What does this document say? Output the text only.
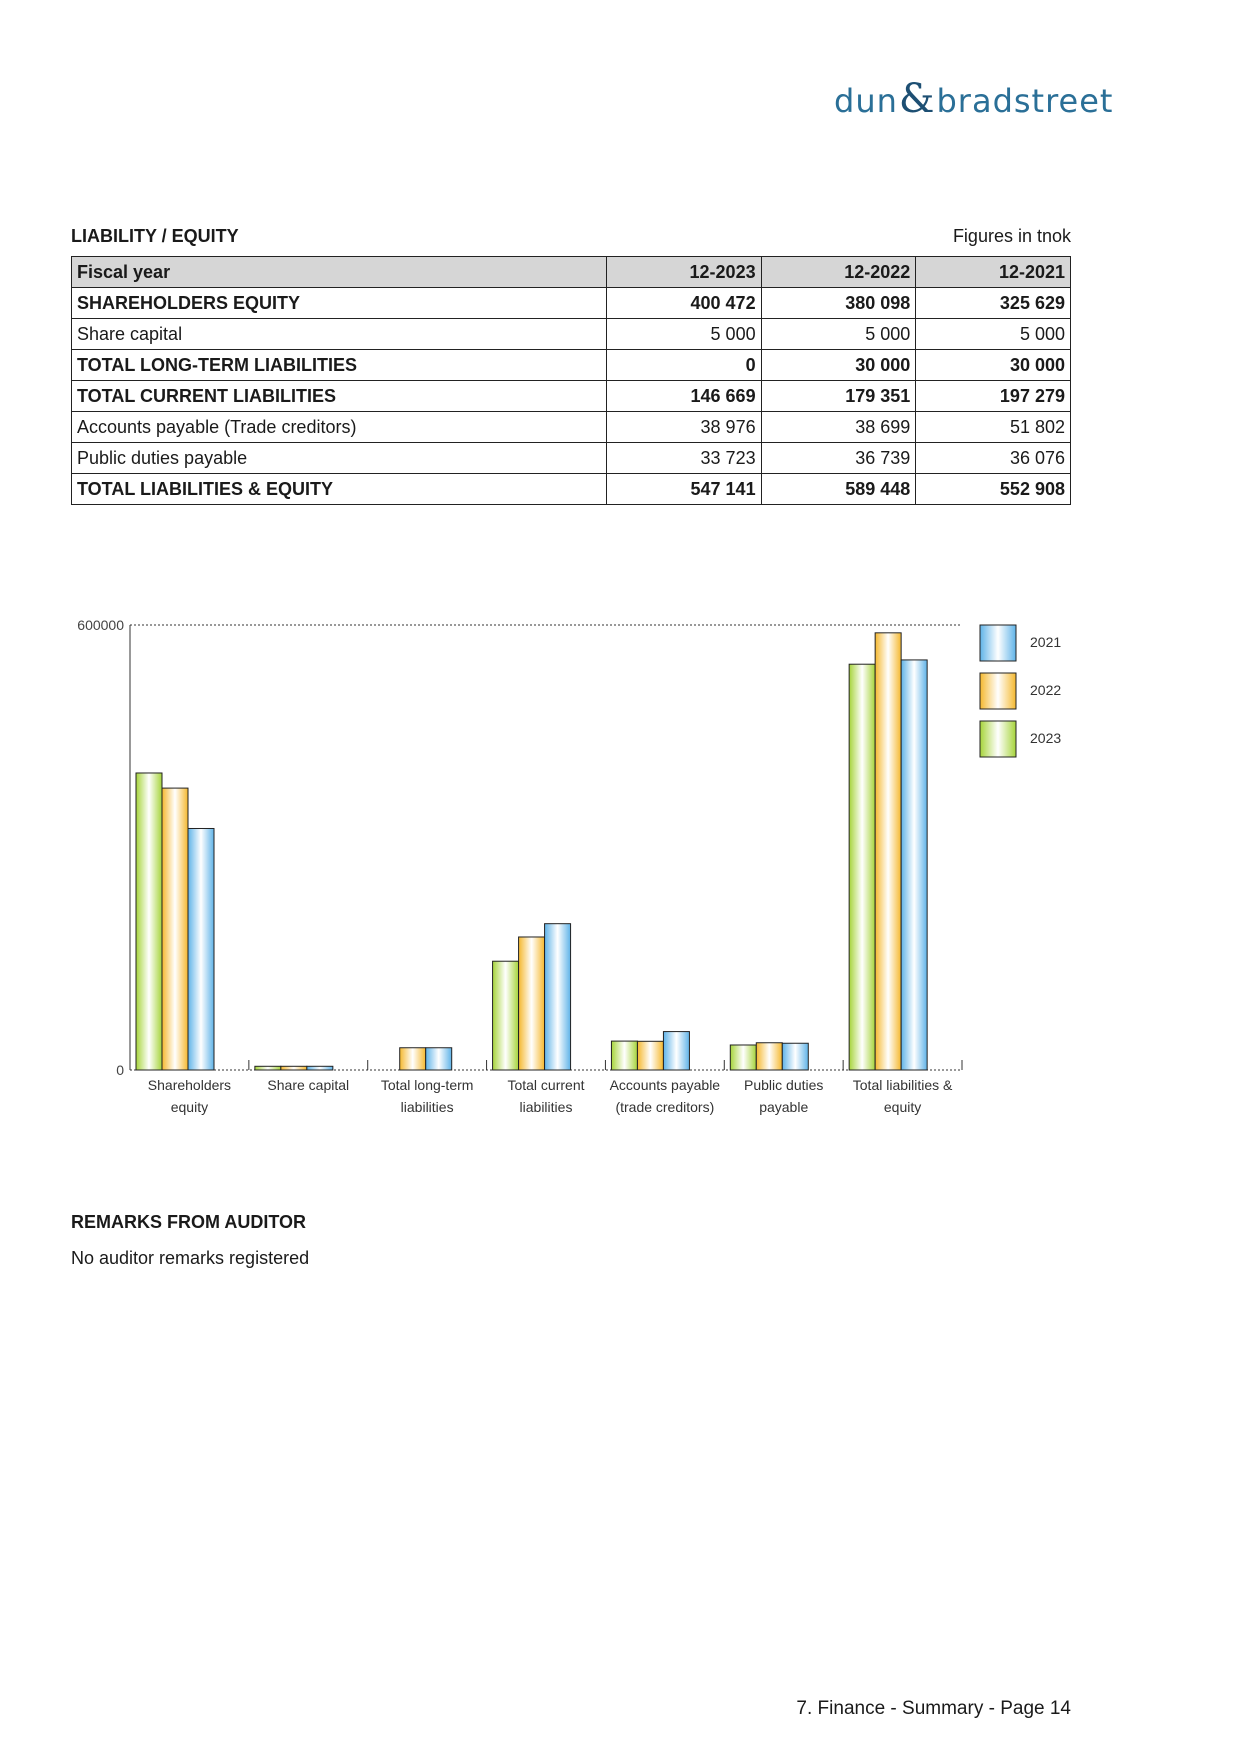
dun&bradstreet
LIABILITY / EQUITY	Figures in tnok
Fiscal year	12-2023	12-2022	12-2021
SHAREHOLDERS EQUITY	400 472	380 098	325 629
Share capital	5 000	5 000	5 000
TOTAL LONG-TERM LIABILITIES	0	30 000	30 000
TOTAL CURRENT LIABILITIES	146 669	179 351	197 279
Accounts payable (Trade creditors)	38 976	38 699	51 802
Public duties payable	33 723	36 739	36 076
TOTAL LIABILITIES & EQUITY	547 141	589 448	552 908
600000
0
Shareholders
equity
Share capital Total long-term
liabilities
Total current
liabilities
Accounts payable
(trade creditors)
Public duties
payable
Total liabilities &
equity
2021
2022
2023
REMARKS FROM AUDITOR
No auditor remarks registered
7. Finance - Summary - Page 14
